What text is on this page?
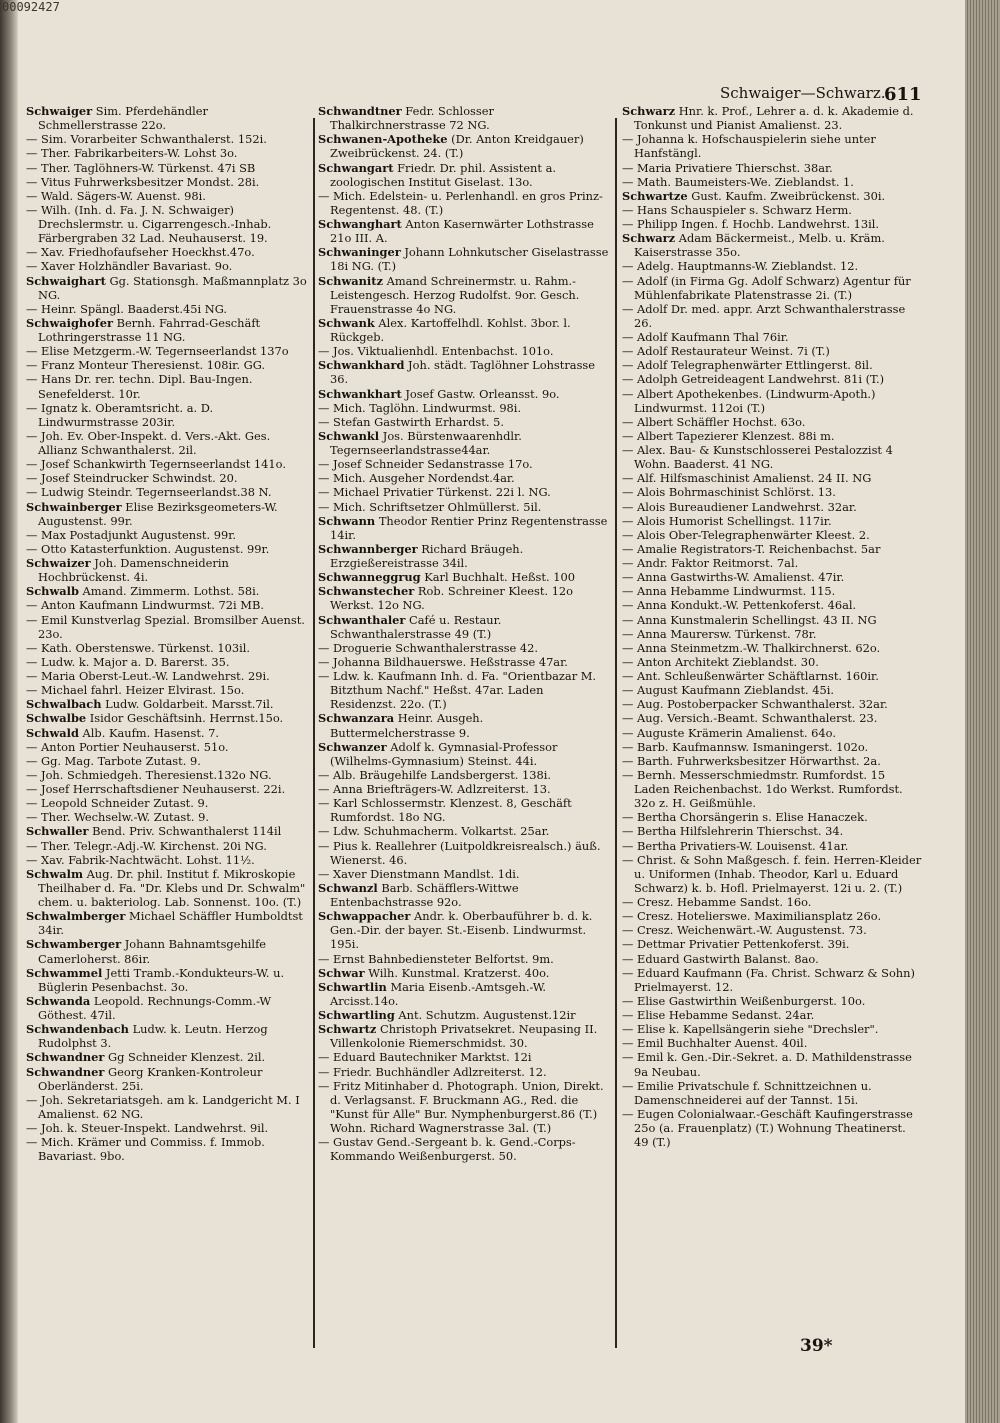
00092427
Schwaiger—Schwarz.
611

Schwaiger Sim. Pferdehändler Schmellerstrasse 22o.

— Sim. Vorarbeiter Schwanthalerst. 152i.

— Ther. Fabrikarbeiters-W. Lohst 3o.

— Ther. Taglöhners-W. Türkenst. 47i SB

— Vitus Fuhrwerksbesitzer Mondst. 28i.

— Wald. Sägers-W. Auenst. 98i.

— Wilh. (Inh. d. Fa. J. N. Schwaiger) Drechslermstr. u. Cigarrengesch.-Inhab. Färbergraben 32 Lad. Neuhauserst. 19.

— Xav. Friedhofaufseher Hoeckhst.47o.

— Xaver Holzhändler Bavariast. 9o.

Schwaighart Gg. Stationsgh. Maßmannplatz 3o NG.

— Heinr. Spängl. Baaderst.45i NG.

Schwaighofer Bernh. Fahrrad-Geschäft Lothringerstrasse 11 NG.

— Elise Metzgerm.-W. Tegernseerlandst 137o

— Franz Monteur Theresienst. 108ir. GG.

— Hans Dr. rer. techn. Dipl. Bau-Ingen. Senefelderst. 10r.

— Ignatz k. Oberamtsricht. a. D. Lindwurmstrasse 203ir.

— Joh. Ev. Ober-Inspekt. d. Vers.-Akt. Ges. Allianz Schwanthalerst. 2il.

— Josef Schankwirth Tegernseerlandst 141o.

— Josef Steindrucker Schwindst. 20.

— Ludwig Steindr. Tegernseerlandst.38 N.

Schwainberger Elise Bezirksgeometers-W. Augustenst. 99r.

— Max Postadjunkt Augustenst. 99r.

— Otto Katasterfunktion. Augustenst. 99r.

Schwaizer Joh. Damenschneiderin Hochbrückenst. 4i.

Schwalb Amand. Zimmerm. Lothst. 58i.

— Anton Kaufmann Lindwurmst. 72i MB.

— Emil Kunstverlag Spezial. Bromsilber Auenst. 23o.

— Kath. Oberstenswe. Türkenst. 103il.

— Ludw. k. Major a. D. Barerst. 35.

— Maria Oberst-Leut.-W. Landwehrst. 29i.

— Michael fahrl. Heizer Elvirast. 15o.

Schwalbach Ludw. Goldarbeit. Marsst.7il.

Schwalbe Isidor Geschäftsinh. Herrnst.15o.

Schwald Alb. Kaufm. Hasenst. 7.

— Anton Portier Neuhauserst. 51o.

— Gg. Mag. Tarbote Zutast. 9.

— Joh. Schmiedgeh. Theresienst.132o NG.

— Josef Herrschaftsdiener Neuhauserst. 22i.

— Leopold Schneider Zutast. 9.

— Ther. Wechselw.-W. Zutast. 9.

Schwaller Bend. Priv. Schwanthalerst 114il

— Ther. Telegr.-Adj.-W. Kirchenst. 20i NG.

— Xav. Fabrik-Nachtwächt. Lohst. 11½.

Schwalm Aug. Dr. phil. Institut f. Mikroskopie Theilhaber d. Fa. "Dr. Klebs und Dr. Schwalm" chem. u. bakteriolog. Lab. Sonnenst. 10o. (T.)

Schwalmberger Michael Schäffler Humboldtst 34ir.

Schwamberger Johann Bahnamtsgehilfe Camerloherst. 86ir.

Schwammel Jetti Tramb.-Kondukteurs-W. u. Büglerin Pesenbachst. 3o.

Schwanda Leopold. Rechnungs-Comm.-W Göthest. 47il.

Schwandenbach Ludw. k. Leutn. Herzog Rudolphst 3.

Schwandner Gg Schneider Klenzest. 2il.

Schwandner Georg Kranken-Kontroleur Oberländerst. 25i.

— Joh. Sekretariatsgeh. am k. Landgericht M. I Amalienst. 62 NG.

— Joh. k. Steuer-Inspekt. Landwehrst. 9il.

— Mich. Krämer und Commiss. f. Immob. Bavariast. 9bo.

Schwandtner Fedr. Schlosser Thalkirchnerstrasse 72 NG.

Schwanen-Apotheke (Dr. Anton Kreidgauer) Zweibrückenst. 24. (T.)

Schwangart Friedr. Dr. phil. Assistent a. zoologischen Institut Giselast. 13o.

— Mich. Edelstein- u. Perlenhandl. en gros Prinz-Regentenst. 48. (T.)

Schwanghart Anton Kasernwärter Lothstrasse 21o III. A.

Schwaninger Johann Lohnkutscher Giselastrasse 18i NG. (T.)

Schwanitz Amand Schreinermstr. u. Rahm.-Leistengesch. Herzog Rudolfst. 9or. Gesch. Frauenstrasse 4o NG.

Schwank Alex. Kartoffelhdl. Kohlst. 3bor. l. Rückgeb.

— Jos. Viktualienhdl. Entenbachst. 101o.

Schwankhard Joh. städt. Taglöhner Lohstrasse 36.

Schwankhart Josef Gastw. Orleansst. 9o.

— Mich. Taglöhn. Lindwurmst. 98i.

— Stefan Gastwirth Erhardst. 5.

Schwankl Jos. Bürstenwaarenhdlr. Tegernseerlandstrasse44ar.

— Josef Schneider Sedanstrasse 17o.

— Mich. Ausgeher Nordendst.4ar.

— Michael Privatier Türkenst. 22i l. NG.

— Mich. Schriftsetzer Ohlmüllerst. 5il.

Schwann Theodor Rentier Prinz Regentenstrasse 14ir.

Schwannberger Richard Bräugeh. Erzgießereistrasse 34il.

Schwanneggrug Karl Buchhalt. Heßst. 100

Schwanstecher Rob. Schreiner Kleest. 12o Werkst. 12o NG.

Schwanthaler Café u. Restaur. Schwanthalerstrasse 49 (T.)

— Droguerie Schwanthalerstrasse 42.

— Johanna Bildhauerswe. Heßstrasse 47ar.

— Ldw. k. Kaufmann Inh. d. Fa. "Orientbazar M. Bitzthum Nachf." Heßst. 47ar. Laden Residenzst. 22o. (T.)

Schwanzara Heinr. Ausgeh. Buttermelcherstrasse 9.

Schwanzer Adolf k. Gymnasial-Professor (Wilhelms-Gymnasium) Steinst. 44i.

— Alb. Bräugehilfe Landsbergerst. 138i.

— Anna Briefträgers-W. Adlzreiterst. 13.

— Karl Schlossermstr. Klenzest. 8, Geschäft Rumfordst. 18o NG.

— Ldw. Schuhmacherm. Volkartst. 25ar.

— Pius k. Reallehrer (Luitpoldkreisrealsch.) äuß. Wienerst. 46.

— Xaver Dienstmann Mandlst. 1di.

Schwanzl Barb. Schäfflers-Wittwe Entenbachstrasse 92o.

Schwappacher Andr. k. Oberbauführer b. d. k. Gen.-Dir. der bayer. St.-Eisenb. Lindwurmst. 195i.

— Ernst Bahnbediensteter Belfortst. 9m.

Schwar Wilh. Kunstmal. Kratzerst. 40o.

Schwartlin Maria Eisenb.-Amtsgeh.-W. Arcisst.14o.

Schwartling Ant. Schutzm. Augustenst.12ir

Schwartz Christoph Privatsekret. Neupasing II. Villenkolonie Riemerschmidst. 30.

— Eduard Bautechniker Marktst. 12i

— Friedr. Buchhändler Adlzreiterst. 12.

— Fritz Mitinhaber d. Photograph. Union, Direkt. d. Verlagsanst. F. Bruckmann AG., Red. die "Kunst für Alle" Bur. Nymphenburgerst.86 (T.) Wohn. Richard Wagnerstrasse 3al. (T.)

— Gustav Gend.-Sergeant b. k. Gend.-Corps-Kommando Weißenburgerst. 50.

Schwarz Hnr. k. Prof., Lehrer a. d. k. Akademie d. Tonkunst und Pianist Amalienst. 23.

— Johanna k. Hofschauspielerin siehe unter Hanfstängl.

— Maria Privatiere Thierschst. 38ar.

— Math. Baumeisters-We. Zieblandst. 1.

Schwartze Gust. Kaufm. Zweibrückenst. 30i.

— Hans Schauspieler s. Schwarz Herm.

— Philipp Ingen. f. Hochb. Landwehrst. 13il.

Schwarz Adam Bäckermeist., Melb. u. Kräm. Kaiserstrasse 35o.

— Adelg. Hauptmanns-W. Zieblandst. 12.

— Adolf (in Firma Gg. Adolf Schwarz) Agentur für Mühlenfabrikate Platenstrasse 2i. (T.)

— Adolf Dr. med. appr. Arzt Schwanthalerstrasse 26.

— Adolf Kaufmann Thal 76ir.

— Adolf Restaurateur Weinst. 7i (T.)

— Adolf Telegraphenwärter Ettlingerst. 8il.

— Adolph Getreideagent Landwehrst. 81i (T.)

— Albert Apothekenbes. (Lindwurm-Apoth.) Lindwurmst. 112oi (T.)

— Albert Schäffler Hochst. 63o.

— Albert Tapezierer Klenzest. 88i m.

— Alex. Bau- & Kunstschlosserei Pestalozzist 4 Wohn. Baaderst. 41 NG.

— Alf. Hilfsmaschinist Amalienst. 24 II. NG

— Alois Bohrmaschinist Schlörst. 13.

— Alois Bureaudiener Landwehrst. 32ar.

— Alois Humorist Schellingst. 117ir.

— Alois Ober-Telegraphenwärter Kleest. 2.

— Amalie Registrators-T. Reichenbachst. 5ar

— Andr. Faktor Reitmorst. 7al.

— Anna Gastwirths-W. Amalienst. 47ir.

— Anna Hebamme Lindwurmst. 115.

— Anna Kondukt.-W. Pettenkoferst. 46al.

— Anna Kunstmalerin Schellingst. 43 II. NG

— Anna Maurersw. Türkenst. 78r.

— Anna Steinmetzm.-W. Thalkirchnerst. 62o.

— Anton Architekt Zieblandst. 30.

— Ant. Schleußenwärter Schäftlarnst. 160ir.

— August Kaufmann Zieblandst. 45i.

— Aug. Postoberpacker Schwanthalerst. 32ar.

— Aug. Versich.-Beamt. Schwanthalerst. 23.

— Auguste Krämerin Amalienst. 64o.

— Barb. Kaufmannsw. Ismaningerst. 102o.

— Barth. Fuhrwerksbesitzer Hörwarthst. 2a.

— Bernh. Messerschmiedmstr. Rumfordst. 15 Laden Reichenbachst. 1do Werkst. Rumfordst. 32o z. H. Geißmühle.

— Bertha Chorsängerin s. Elise Hanaczek.

— Bertha Hilfslehrerin Thierschst. 34.

— Bertha Privatiers-W. Louisenst. 41ar.

— Christ. & Sohn Maßgesch. f. fein. Herren-Kleider u. Uniformen (Inhab. Theodor, Karl u. Eduard Schwarz) k. b. Hofl. Prielmayerst. 12i u. 2. (T.)

— Cresz. Hebamme Sandst. 16o.

— Cresz. Hotelierswe. Maximiliansplatz 26o.

— Cresz. Weichenwärt.-W. Augustenst. 73.

— Dettmar Privatier Pettenkoferst. 39i.

— Eduard Gastwirth Balanst. 8ao.

— Eduard Kaufmann (Fa. Christ. Schwarz & Sohn) Prielmayerst. 12.

— Elise Gastwirthin Weißenburgerst. 10o.

— Elise Hebamme Sedanst. 24ar.

— Elise k. Kapellsängerin siehe "Drechsler".

— Emil Buchhalter Auenst. 40il.

— Emil k. Gen.-Dir.-Sekret. a. D. Mathildenstrasse 9a Neubau.

— Emilie Privatschule f. Schnittzeichnen u. Damenschneiderei auf der Tannst. 15i.

— Eugen Colonialwaar.-Geschäft Kaufingerstrasse 25o (a. Frauenplatz) (T.) Wohnung Theatinerst. 49 (T.)

39*
